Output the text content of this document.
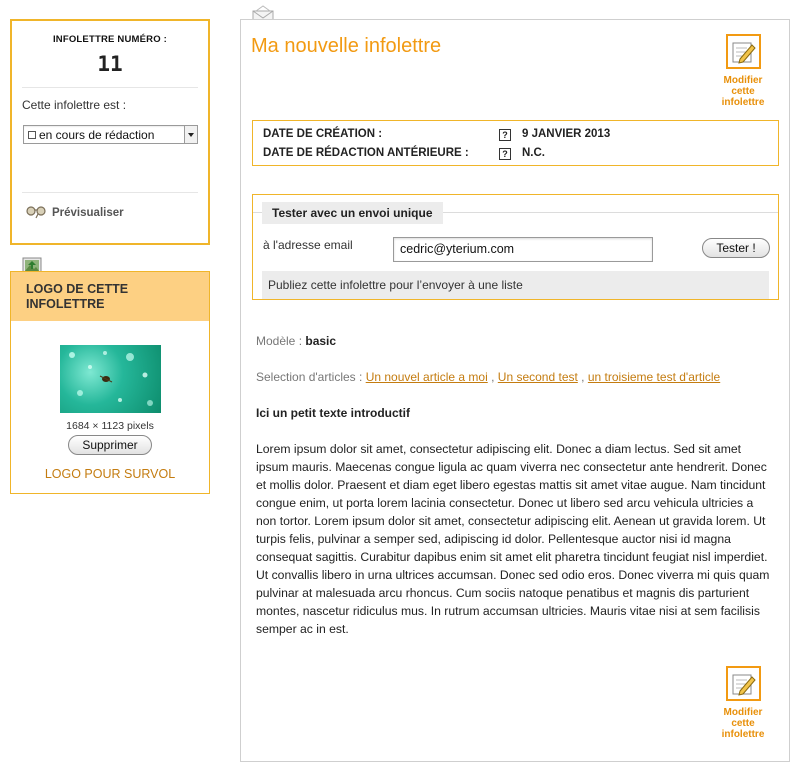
INFOLETTRE NUMÉRO :
11
Cette infolettre est :
en cours de rédaction
Prévisualiser
LOGO DE CETTE INFOLETTRE
1684 × 1123 pixels
Supprimer
LOGO POUR SURVOL
Ma nouvelle infolettre
Modifier
cette
infolettre
DATE DE CRÉATION :	? 9 JANVIER 2013
DATE DE RÉDACTION ANTÉRIEURE :	? N.C.
Tester avec un envoi unique
à l'adresse email	cedric@yterium.com	Tester !
Publiez cette infolettre pour l’envoyer à une liste
Modèle : basic
Selection d'articles : Un nouvel article a moi , Un second test , un troisieme test d'article
Ici un petit texte introductif
Lorem ipsum dolor sit amet, consectetur adipiscing elit. Donec a diam lectus. Sed sit amet ipsum mauris. Maecenas congue ligula ac quam viverra nec consectetur ante hendrerit. Donec et mollis dolor. Praesent et diam eget libero egestas mattis sit amet vitae augue. Nam tincidunt congue enim, ut porta lorem lacinia consectetur. Donec ut libero sed arcu vehicula ultricies a non tortor. Lorem ipsum dolor sit amet, consectetur adipiscing elit. Aenean ut gravida lorem. Ut turpis felis, pulvinar a semper sed, adipiscing id dolor. Pellentesque auctor nisi id magna consequat sagittis. Curabitur dapibus enim sit amet elit pharetra tincidunt feugiat nisl imperdiet. Ut convallis libero in urna ultrices accumsan. Donec sed odio eros. Donec viverra mi quis quam pulvinar at malesuada arcu rhoncus. Cum sociis natoque penatibus et magnis dis parturient montes, nascetur ridiculus mus. In rutrum accumsan ultricies. Mauris vitae nisi at sem facilisis semper ac in est.
Modifier
cette
infolettre
